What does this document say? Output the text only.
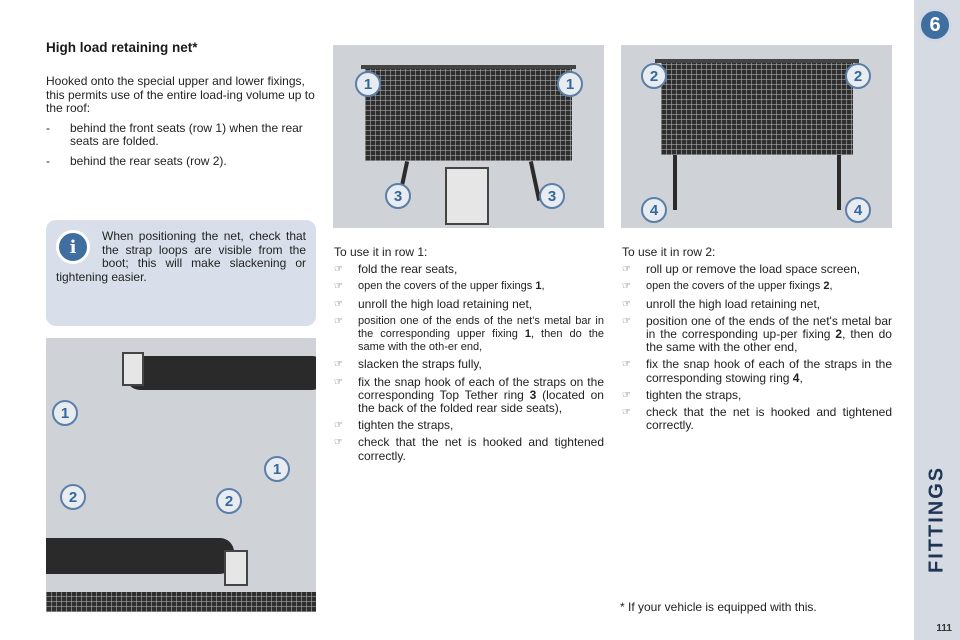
6
FITTINGS
111
High load retaining net*

Hooked onto the special upper and lower fixings, this permits use of the entire load-ing volume up to the roof:

-	behind the front seats (row 1) when the rear seats are folded.
-	behind the rear seats (row 2).
i
When positioning the net, check that the strap loops are visible from the boot; this will make slackening or tightening easier.
1	1
3	3
2	2
4	4
1
1
2	2

To use it in row 1:

☞	fold the rear seats,
☞	open the covers of the upper fixings 1,
☞	unroll the high load retaining net,
☞	position one of the ends of the net's metal bar in the corresponding upper fixing 1, then do the same with the oth-er end,
☞	slacken the straps fully,
☞	fix the snap hook of each of the straps on the corresponding Top Tether ring 3 (located on the back of the folded rear side seats),
☞	tighten the straps,
☞	check that the net is hooked and tightened correctly.

To use it in row 2:

☞	roll up or remove the load space screen,
☞	open the covers of the upper fixings 2,
☞	unroll the high load retaining net,
☞	position one of the ends of the net's metal bar in the corresponding up-per fixing 2, then do the same with the other end,
☞	fix the snap hook of each of the straps in the corresponding stowing ring 4,
☞	tighten the straps,
☞	check that the net is hooked and tightened correctly.
* If your vehicle is equipped with this.
